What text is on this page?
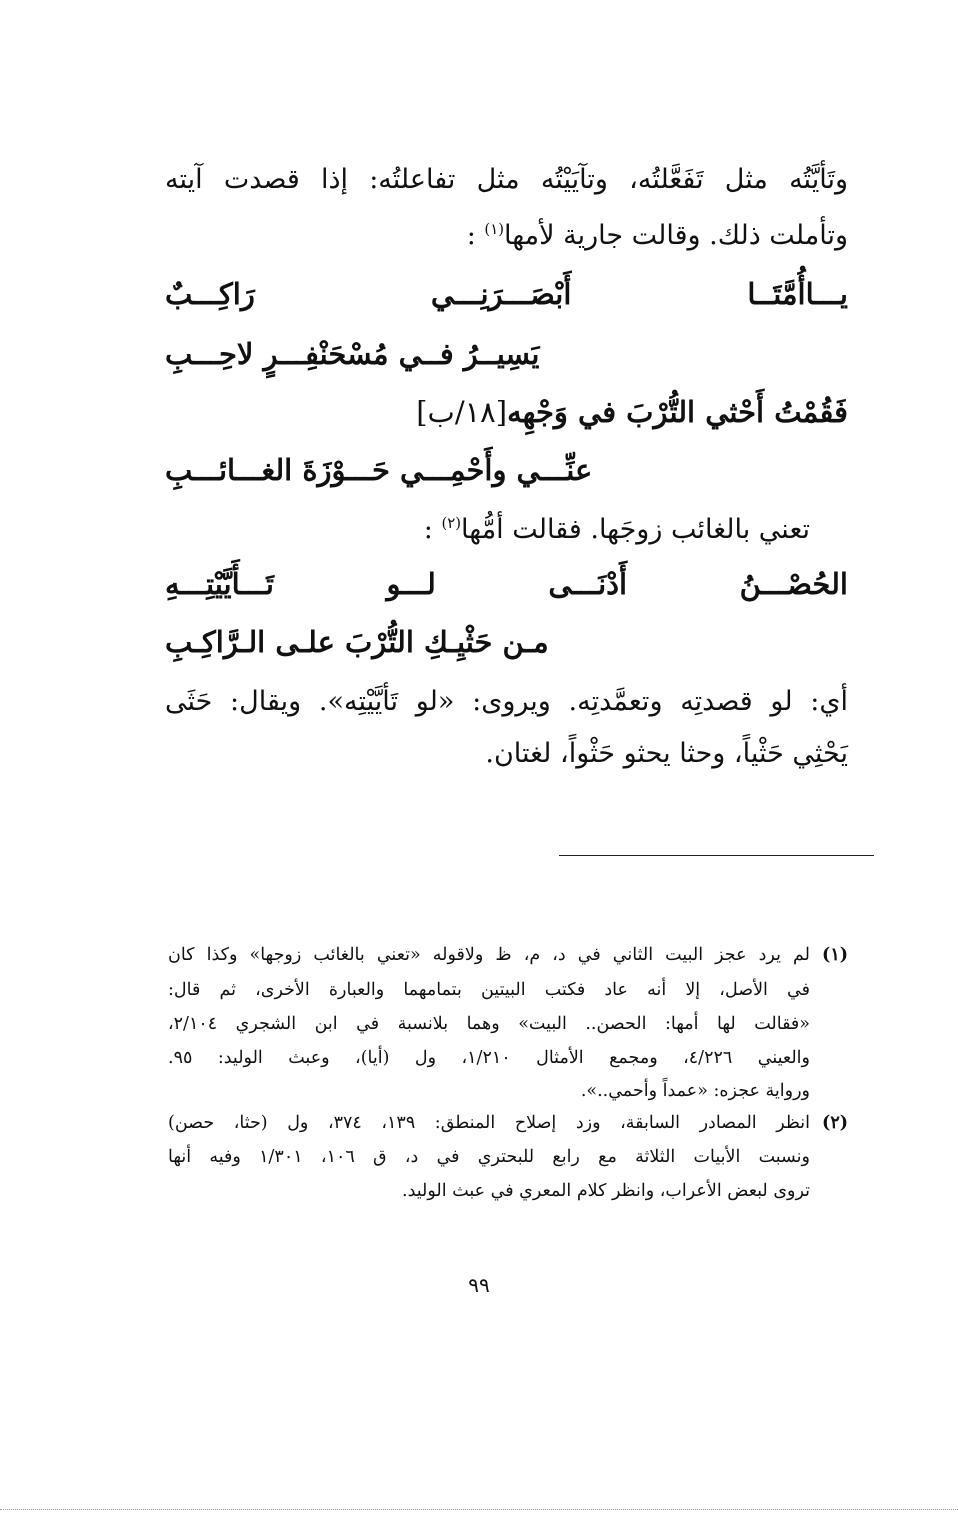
وتَأيَّتُه مثل تَفَعَّلتُه، وتآيَيْتُه مثل تفاعلتُه: إذا قصدت آيته
وتأملت ذلك. وقالت جارية لأمها$^{(١)}$ :
يـــاأُمَّتَــا أَبْصَـــرَنِـــي رَاكِـــبٌ
يَسِيــرُ فــي مُسْحَنْفِـــرٍ لاحِـــبِ
فَقُمْتُ أَحْثي التُّرْبَ في وَجْهِه[١٨/ب]
عنِّـــي وأَحْمِـــي حَـــوْزَةَ الغـــائـــبِ
تعني بالغائب زوجَها. فقالت أمُّها$^{(٢)}$ :
الحُصْـــنُ أَدْنَـــى لـــو تَـــأَيَّيْتِـــهِ
مـن حَثْيِـكِ التُّرْبَ علـى الـرَّاكِـبِ
أي: لو قصدتِه وتعمَّدتِه. ويروى: «لو تَأيَّيْتِه». ويقال: حَثَى
يَحْثِي حَثْياً، وحثا يحثو حَثْواً، لغتان.
(١)
لم يرد عجز البيت الثاني في د، م، ظ ولاقوله «تعني بالغائب زوجها» وكذا كان
في الأصل، إلا أنه عاد فكتب البيتين بتمامهما والعبارة الأخرى، ثم قال:
«فقالت لها أمها: الحصن.. البيت» وهما بلانسبة في ابن الشجري ٢/١٠٤،
والعيني ٤/٢٢٦، ومجمع الأمثال ١/٢١٠، ول (أيا)، وعبث الوليد: ٩٥.
ورواية عجزه: «عمداً وأحمي..».
(٢)
انظر المصادر السابقة، وزد إصلاح المنطق: ١٣٩، ٣٧٤، ول (حثا، حصن)
ونسبت الأبيات الثلاثة مع رابع للبحتري في د، ق ١٠٦، ١/٣٠١ وفيه أنها
تروى لبعض الأعراب، وانظر كلام المعري في عبث الوليد.
٩٩
